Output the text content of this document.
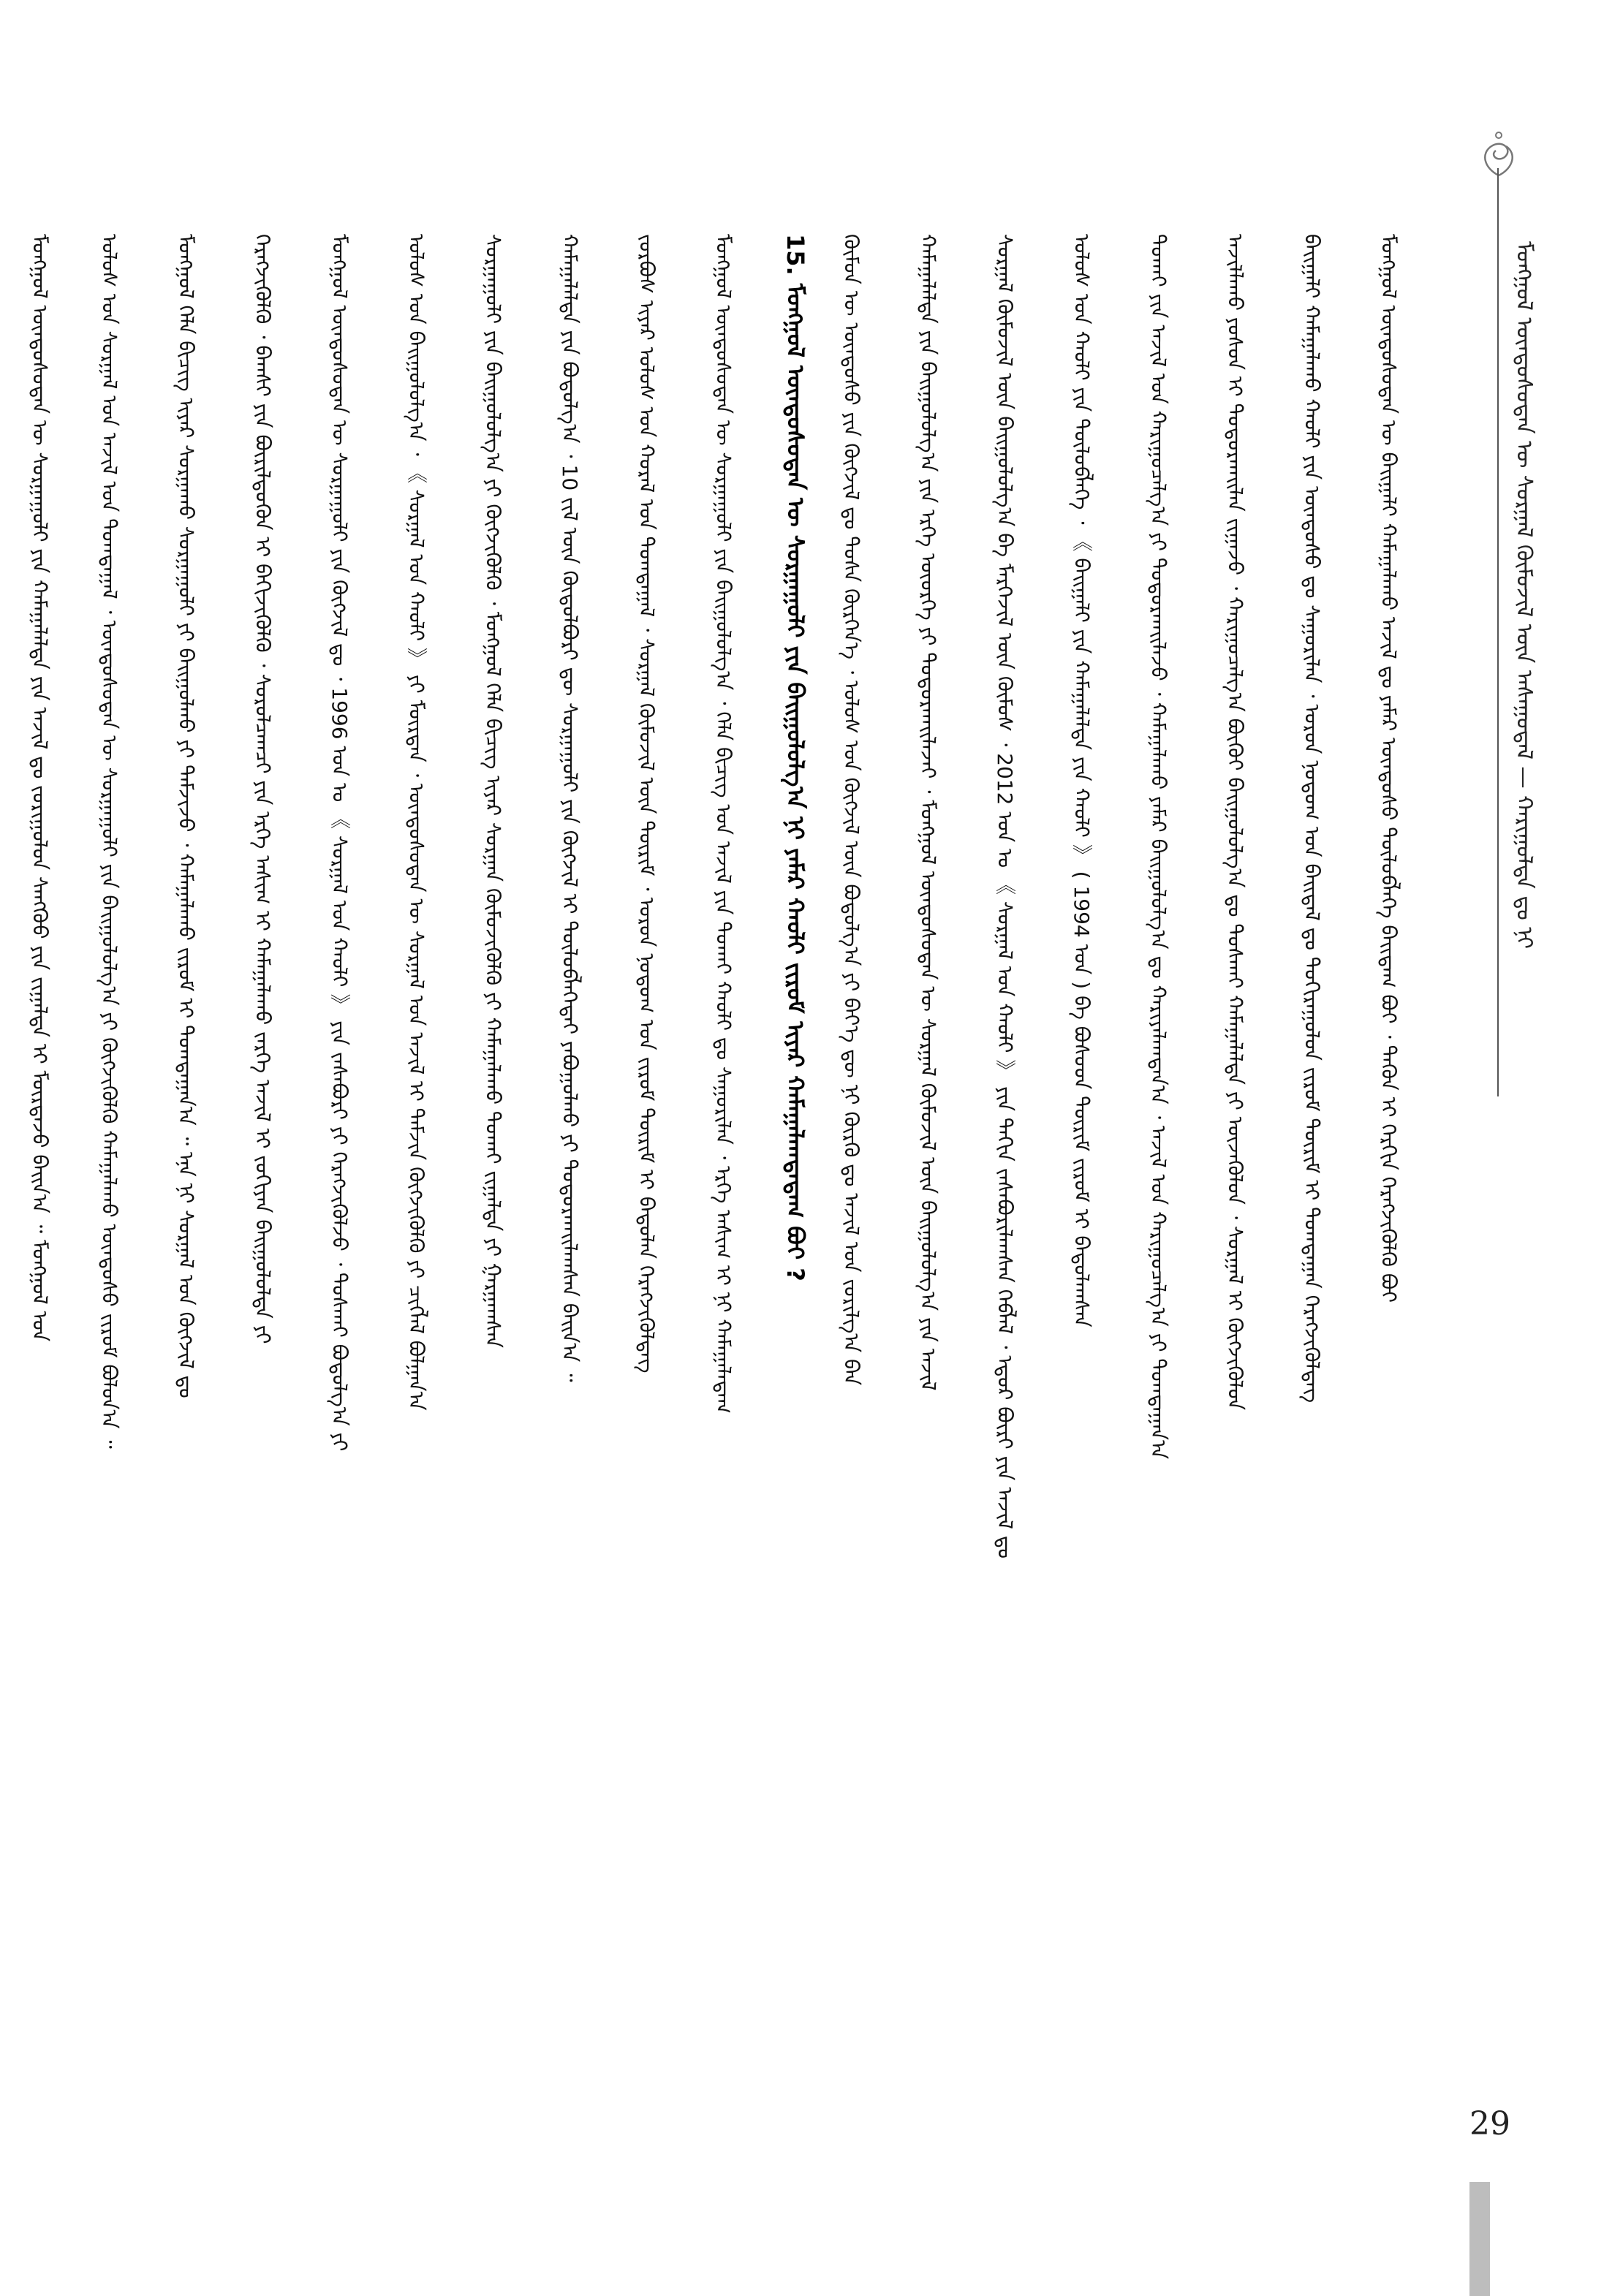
ᠮᠣᠩᠭᠣᠯ ᠦᠨᠳᠦᠰᠦᠲᠡᠨ ᠦ ᠰᠤᠷᠭᠠᠯ ᠬᠦᠮᠦᠵᠢᠯ ᠦᠨ ᠠᠰᠠᠭᠤᠳᠠᠯ — ᠬᠠᠷᠢᠭᠤᠯᠲᠠ ᠳᠤ ᠨᠢ
ᠮᠣᠩᠭᠣᠯ ᠦᠨᠳᠦᠰᠦᠲᠡᠨ ᠦ ᠪᠠᠢᠭᠠᠯᠢ ᠬᠠᠮᠠᠭᠠᠯᠠᠬᠤ ᠠᠵᠢᠯ ᠳᠤ ᠶᠠᠮᠠᠷ ᠦᠨᠳᠦᠰᠦ ᠲᠥᠯᠥᠪᠯᠡᠭᠡ ᠪᠠᠢᠳᠠᠭ ᠪᠤᠢ ᠂ ᠲᠡᠭᠦᠨ ᠢ ᠬᠡᠷᠬᠢᠨ ᠬᠡᠷᠡᠭᠵᠢᠭᠦᠯᠬᠦ ᠪᠤᠢ
ᠪᠠᠢᠭᠠᠯᠢ ᠬᠠᠮᠠᠭᠠᠯᠠᠬᠤ ᠬᠠᠤᠯᠢ ᠶᠢᠨ ᠦᠨᠳᠦᠰᠦ ᠳᠤ ᠰᠠᠭᠤᠷᠢᠯᠠᠨ ᠂ ᠣᠷᠤᠨ ᠨᠤᠲᠤᠭ ᠤᠨ ᠪᠠᠢᠳᠠᠯ ᠳᠤ ᠲᠣᠬᠢᠷᠠᠭᠤᠯᠤᠨ ᠵᠢᠷᠤᠮ ᠳᠦᠷᠢᠮ ᠢ ᠲᠣᠭᠲᠠᠭᠠᠨ ᠬᠡᠷᠡᠭᠵᠢᠭᠦᠯᠳᠡᠭ
ᠠᠵᠢᠯᠯᠠᠬᠤ ᠶᠤᠰᠤᠨ ᠢ ᠲᠣᠳᠤᠷᠬᠠᠢᠯᠠᠨ ᠵᠢᠭᠠᠵᠤ ᠂ ᠬᠠᠷᠢᠭᠤᠴᠠᠯᠭ᠎ᠠ ᠪᠦᠬᠦᠢ ᠪᠠᠢᠭᠤᠯᠤᠯᠭ᠎ᠠ ᠳᠤ ᠲᠤᠰᠬᠠᠢ ᠬᠠᠮᠠᠭᠠᠯᠠᠯᠲᠠ ᠶᠢ ᠦᠵᠡᠭᠦᠯᠦᠨ ᠂ ᠰᠤᠷᠭᠠᠯ ᠢ ᠬᠥᠭᠵᠢᠭᠦᠯᠦᠨ
ᠲᠤᠬᠠᠢ ᠶᠢᠨ ᠠᠵᠢᠯ ᠤᠨ ᠬᠠᠷᠢᠭᠤᠴᠠᠯᠭ᠎ᠠ ᠶᠢ ᠲᠣᠳᠤᠷᠬᠠᠢᠯᠠᠵᠤ ᠂ ᠬᠠᠮᠠᠭᠠᠯᠠᠬᠤ ᠶᠠᠮᠠᠷ ᠪᠠᠢᠭᠤᠯᠤᠯᠭ᠎ᠠ ᠳᠤ ᠬᠠᠷᠢᠶᠠᠯᠠᠭᠳᠠᠨ᠎ᠠ ᠂ ᠠᠵᠢᠯ ᠤᠨ ᠬᠠᠷᠢᠭᠤᠴᠠᠯᠭ᠎ᠠ ᠶᠢ ᠲᠣᠭᠲᠠᠭᠠᠨ᠎ᠠ
ᠤᠯᠤᠰ ᠤᠨ ᠬᠠᠤᠯᠢ ᠶᠢᠨ ᠲᠥᠯᠥᠪᠯᠡᠭᠡ ᠂ 《 ᠪᠠᠢᠭᠠᠯᠢ ᠶᠢᠨ ᠬᠠᠮᠠᠭᠠᠯᠠᠯᠲᠠ ᠶᠢᠨ ᠬᠠᠤᠯᠢ 》 ( 1994 ᠣᠨ ) ᠪᠠ ᠪᠤᠰᠤᠳ ᠳᠦᠷᠢᠮ ᠵᠢᠷᠤᠮ ᠢ ᠪᠠᠲᠤᠯᠠᠭᠰᠠᠨ
ᠰᠤᠷᠭᠠᠯ ᠬᠦᠮᠦᠵᠢᠯ ᠦᠨ ᠪᠠᠢᠭᠤᠯᠤᠯᠭ᠎ᠠ ᠪᠠ ᠮᠡᠷᠭᠡᠵᠢᠯ ᠦᠨ ᠬᠦᠮᠦᠰ ᠂ 2012 ᠣᠨ ᠤ 《 ᠰᠤᠷᠭᠠᠯ ᠤᠨ ᠬᠠᠤᠯᠢ 》 ᠶᠢᠨ ᠳᠠᠬᠢᠨ ᠵᠠᠰᠠᠪᠤᠷᠢᠯᠠᠭᠰᠠᠨ ᠬᠡᠪᠯᠡᠯ ᠂ ᠡᠳᠦᠷ ᠪᠦᠷᠢ ᠶᠢᠨ ᠠᠵᠢᠯ ᠳᠤ
ᠬᠠᠮᠠᠭᠠᠯᠠᠯᠲᠠ ᠶᠢᠨ ᠪᠠᠢᠭᠤᠯᠤᠯᠭ᠎ᠠ ᠶᠢᠨ ᠡᠷᠬᠡ ᠦᠦᠷᠭᠡ ᠶᠢ ᠲᠣᠳᠤᠷᠬᠠᠢᠯᠠᠵᠠᠢ ᠂ ᠮᠣᠩᠭᠣᠯ ᠦᠨᠳᠦᠰᠦᠲᠡᠨ ᠦ ᠰᠤᠷᠭᠠᠯ ᠬᠦᠮᠦᠵᠢᠯ ᠦᠨ ᠪᠠᠢᠭᠤᠯᠤᠯᠭ᠎ᠠ ᠶᠢᠨ ᠠᠵᠢᠯ
ᠬᠦᠮᠦᠨ ᠦ ᠦᠨᠳᠦᠰᠦ ᠶᠢᠨ ᠬᠥᠭᠵᠢᠯ ᠳᠤ ᠲᠤᠰᠠ ᠬᠦᠷᠭᠡᠨ᠎ᠡ ᠂ ᠤᠯᠤᠰ ᠤᠨ ᠬᠥᠭᠵᠢᠯ ᠦᠨ ᠪᠣᠳᠤᠯᠭ᠎ᠠ ᠶᠢ ᠪᠡᠶ᠎ᠡ ᠳᠦ ᠨᠢ ᠬᠦᠷᠬᠦ ᠳᠤ ᠠᠵᠢᠯ ᠤᠨ ᠵᠣᠷᠢᠯᠭ᠎ᠠ ᠪᠠᠨ
15. ᠮᠣᠩᠭᠣᠯ ᠦᠨᠳᠦᠰᠦᠲᠡᠨ ᠦ ᠰᠤᠷᠭᠠᠭᠤᠯᠢ ᠶᠢᠨ ᠪᠠᠢᠭᠤᠯᠤᠯᠭ᠎ᠠ ᠨᠢ ᠶᠠᠮᠠᠷ ᠬᠠᠤᠯᠢ ᠵᠢᠷᠤᠮ ᠢᠶᠠᠷ ᠬᠠᠮᠠᠭᠠᠯᠠᠭᠳᠠᠳᠠᠭ ᠪᠤᠢ ?
ᠮᠣᠩᠭᠣᠯ ᠦᠨᠳᠦᠰᠦᠲᠡᠨ ᠦ ᠰᠤᠷᠭᠠᠭᠤᠯᠢ ᠶᠢᠨ ᠪᠠᠢᠭᠤᠯᠤᠯᠭ᠎ᠠ ᠂ ᠬᠡᠯᠡ ᠪᠢᠴᠢᠭ ᠤᠨ ᠠᠵᠢᠯ ᠶᠢᠨ ᠲᠤᠬᠠᠢ ᠬᠠᠤᠯᠢ ᠳᠤ ᠰᠠᠭᠤᠷᠢᠯᠠᠨ ᠂ ᠡᠷᠬᠡ ᠠᠰᠢᠭ ᠢ ᠨᠢ ᠬᠠᠮᠠᠭᠠᠯᠠᠳᠠᠭ
ᠵᠤᠷᠪᠤᠰ ᠢᠶᠠᠷ ᠤᠯᠤᠰ ᠤᠨ ᠬᠤᠷᠠᠯ ᠤᠨ ᠲᠣᠭᠲᠠᠭᠠᠯ ᠂ ᠰᠤᠷᠭᠠᠯ ᠬᠦᠮᠦᠵᠢᠯ ᠦᠨ ᠳᠦᠷᠢᠮ ᠂ ᠣᠷᠤᠨ ᠨᠤᠲᠤᠭ ᠤᠨ ᠵᠢᠷᠤᠮ ᠳᠦᠷᠢᠮ ᠢ ᠪᠠᠲᠤᠯᠠᠨ ᠬᠡᠷᠡᠭᠵᠢᠭᠦᠯᠳᠡᠭ
ᠬᠠᠮᠠᠭᠠᠯᠠᠯᠲᠠ ᠶᠢᠨ ᠪᠣᠳᠤᠯᠭ᠎ᠠ ᠂ 10 ᠵᠢᠯ ᠦᠨ ᠬᠥᠲᠥᠯᠪᠦᠷᠢ ᠳᠦ ᠰᠤᠷᠭᠠᠭᠤᠯᠢ ᠶᠢᠨ ᠬᠥᠭᠵᠢᠯ ᠢ ᠲᠥᠯᠥᠪᠯᠡᠭᠡᠲᠡᠢ ᠶᠠᠪᠤᠭᠤᠯᠬᠤ ᠶᠢ ᠲᠣᠳᠤᠷᠬᠠᠢᠯᠠᠭᠰᠠᠨ ᠪᠠᠢᠨ᠎ᠠ ᠃
ᠰᠤᠷᠭᠠᠭᠤᠯᠢ ᠶᠢᠨ ᠪᠠᠢᠭᠤᠯᠤᠯᠭ᠎ᠠ ᠶᠢ ᠬᠥᠭᠵᠢᠭᠦᠯᠬᠦ ᠂ ᠮᠣᠩᠭᠣᠯ ᠬᠡᠯᠡ ᠪᠢᠴᠢᠭ ᠢᠶᠠᠷ ᠰᠤᠷᠭᠠᠨ ᠬᠦᠮᠦᠵᠢᠭᠦᠯᠬᠦ ᠶᠢ ᠬᠠᠮᠠᠭᠠᠯᠠᠬᠤ ᠲᠤᠬᠠᠢ ᠵᠢᠭᠠᠯᠲᠠ ᠶᠢ ᠭᠠᠷᠭᠠᠭᠰᠠᠨ
ᠤᠯᠤᠰ ᠤᠨ ᠪᠠᠢᠭᠤᠯᠤᠯᠭ᠎ᠠ ᠂ 《 ᠰᠤᠷᠭᠠᠯ ᠤᠨ ᠬᠠᠤᠯᠢ 》 ᠶᠢ ᠮᠥᠷᠳᠡᠨ ᠂ ᠦᠨᠳᠦᠰᠦᠲᠡᠨ ᠦ ᠰᠤᠷᠭᠠᠯ ᠤᠨ ᠠᠵᠢᠯ ᠢ ᠳᠡᠮᠵᠢᠨ ᠬᠥᠭᠵᠢᠭᠦᠯᠬᠦ ᠶᠢ ᠴᠢᠭᠯᠡᠯ ᠪᠣᠯᠭᠠᠨ᠎ᠠ
ᠮᠣᠩᠭᠣᠯ ᠦᠨᠳᠦᠰᠦᠲᠡᠨ ᠦ ᠰᠤᠷᠭᠠᠭᠤᠯᠢ ᠶᠢᠨ ᠬᠥᠭᠵᠢᠯ ᠳᠤ ᠂ 1996 ᠣᠨ ᠤ 《 ᠰᠤᠷᠭᠠᠯ ᠤᠨ ᠬᠠᠤᠯᠢ 》 ᠶᠢᠨ ᠵᠠᠰᠠᠪᠤᠷᠢ ᠶᠢ ᠬᠡᠷᠡᠭᠵᠢᠭᠦᠯᠵᠦ ᠂ ᠲᠤᠰᠬᠠᠢ ᠪᠣᠳᠤᠯᠭ᠎ᠠ ᠶᠢ
ᠬᠡᠷᠡᠭᠵᠢᠭᠦᠯᠬᠦ ᠂ ᠪᠠᠭᠰᠢ ᠶᠢᠨ ᠪᠦᠷᠢᠯᠳᠦᠬᠦᠨ ᠢ ᠪᠡᠬᠢᠵᠢᠭᠦᠯᠬᠦ ᠂ ᠰᠤᠷᠤᠯᠴᠠᠭᠴᠢ ᠶᠢᠨ ᠡᠷᠬᠡ ᠠᠰᠢᠭ ᠢ ᠬᠠᠮᠠᠭᠠᠯᠠᠬᠤ ᠵᠡᠷᠭᠡ ᠠᠵᠢᠯ ᠢ ᠵᠣᠬᠢᠶᠠᠨ ᠪᠠᠢᠭᠤᠯᠤᠯᠲᠠ ᠶᠢ
ᠮᠣᠩᠭᠣᠯ ᠬᠡᠯᠡ ᠪᠢᠴᠢᠭ ᠢᠶᠡᠷ ᠰᠤᠷᠭᠠᠬᠤ ᠰᠤᠷᠭᠠᠭᠤᠯᠢ ᠶᠢ ᠪᠠᠢᠭᠤᠯᠬᠤ ᠶᠢ ᠳᠡᠮᠵᠢᠵᠦ ᠂ ᠬᠠᠮᠠᠭᠠᠯᠠᠬᠤ ᠵᠢᠷᠤᠮ ᠢ ᠲᠣᠭᠲᠠᠭᠠᠨ᠎ᠠ ᠃ ᠡᠨᠡ ᠨᠢ ᠰᠤᠷᠭᠠᠯ ᠤᠨ ᠬᠥᠭᠵᠢᠯ ᠳᠤ
ᠤᠯᠤᠰ ᠤᠨ ᠰᠤᠷᠭᠠᠯ ᠤᠨ ᠠᠵᠢᠯ ᠤᠨ ᠲᠣᠭᠲᠠᠭᠠᠯ ᠂ ᠦᠨᠳᠦᠰᠦᠲᠡᠨ ᠦ ᠰᠤᠷᠭᠠᠭᠤᠯᠢ ᠶᠢᠨ ᠪᠠᠢᠭᠤᠯᠤᠯᠭ᠎ᠠ ᠶᠢ ᠬᠥᠭᠵᠢᠭᠦᠯᠬᠦ ᠬᠠᠮᠠᠭᠠᠯᠠᠬᠤ ᠦᠨᠳᠦᠰᠦ ᠵᠢᠷᠤᠮ ᠪᠣᠯᠤᠨ᠎ᠠ ᠃
ᠮᠣᠩᠭᠣᠯ ᠦᠨᠳᠦᠰᠦᠲᠡᠨ ᠦ ᠰᠤᠷᠭᠠᠭᠤᠯᠢ ᠶᠢᠨ ᠬᠠᠮᠠᠭᠠᠯᠠᠯᠲᠠ ᠶᠢᠨ ᠠᠵᠢᠯ ᠳᠤ ᠵᠣᠷᠢᠭᠤᠯᠤᠨ ᠰᠠᠨᠭᠬᠦᠦ ᠶᠢᠨ ᠵᠢᠭᠠᠯᠲᠠ ᠢ ᠮᠥᠷᠳᠡᠵᠦ ᠪᠠᠢᠨ᠎ᠠ ᠃ ᠮᠣᠩᠭᠣᠯ ᠤᠨ
29
